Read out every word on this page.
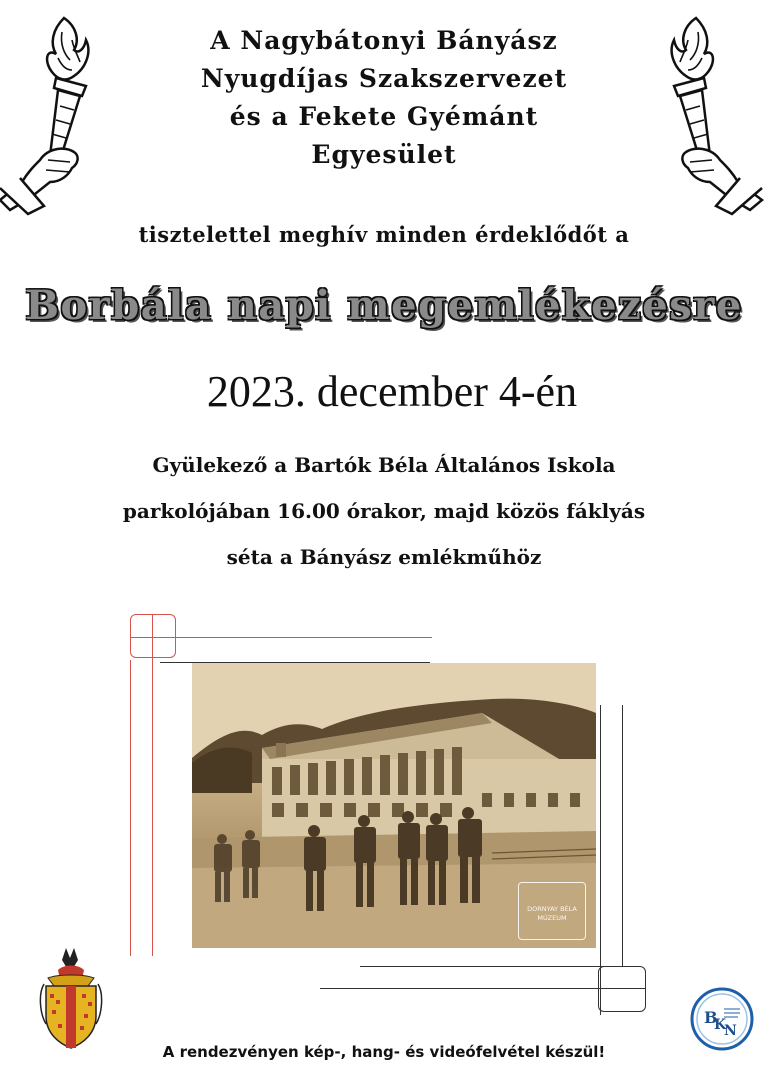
A Nagybátonyi Bányász
Nyugdíjas Szakszervezet
és a Fekete Gyémánt
Egyesület
tisztelettel meghív minden érdeklődőt a
Borbála napi megemlékezésre
2023. december 4-én
Gyülekező a Bartók Béla Általános Iskola
parkolójában 16.00 órakor, majd közös fáklyás
séta a Bányász emlékműhöz
DORNYAY BÉLA
MÚZEUM
B
K
N
A rendezvényen kép-, hang- és videófelvétel készül!
